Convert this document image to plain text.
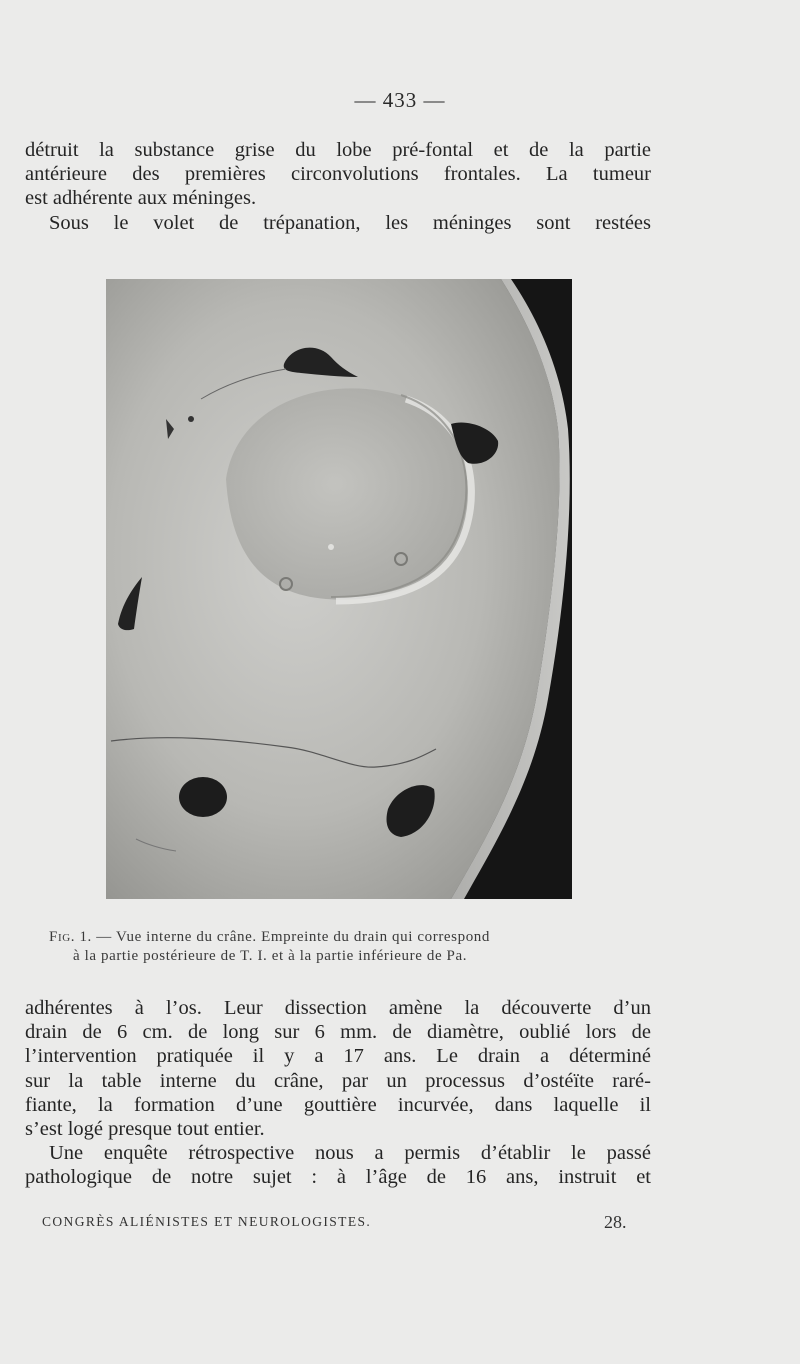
— 433 —
détruit la substance grise du lobe pré-fontal et de la partie
antérieure des premières circonvolutions frontales. La tumeur
est adhérente aux méninges.
Sous le volet de trépanation, les méninges sont restées
Fig. 1. — Vue interne du crâne. Empreinte du drain qui correspond
à la partie postérieure de T. I. et à la partie inférieure de Pa.
adhérentes à l’os. Leur dissection amène la découverte d’un
drain de 6 cm. de long sur 6 mm. de diamètre, oublié lors de
l’intervention pratiquée il y a 17 ans. Le drain a déterminé
sur la table interne du crâne, par un processus d’ostéïte raré-
fiante, la formation d’une gouttière incurvée, dans laquelle il
s’est logé presque tout entier.
Une enquête rétrospective nous a permis d’établir le passé
pathologique de notre sujet : à l’âge de 16 ans, instruit et
CONGRÈS ALIÉNISTES ET NEUROLOGISTES.	28.
